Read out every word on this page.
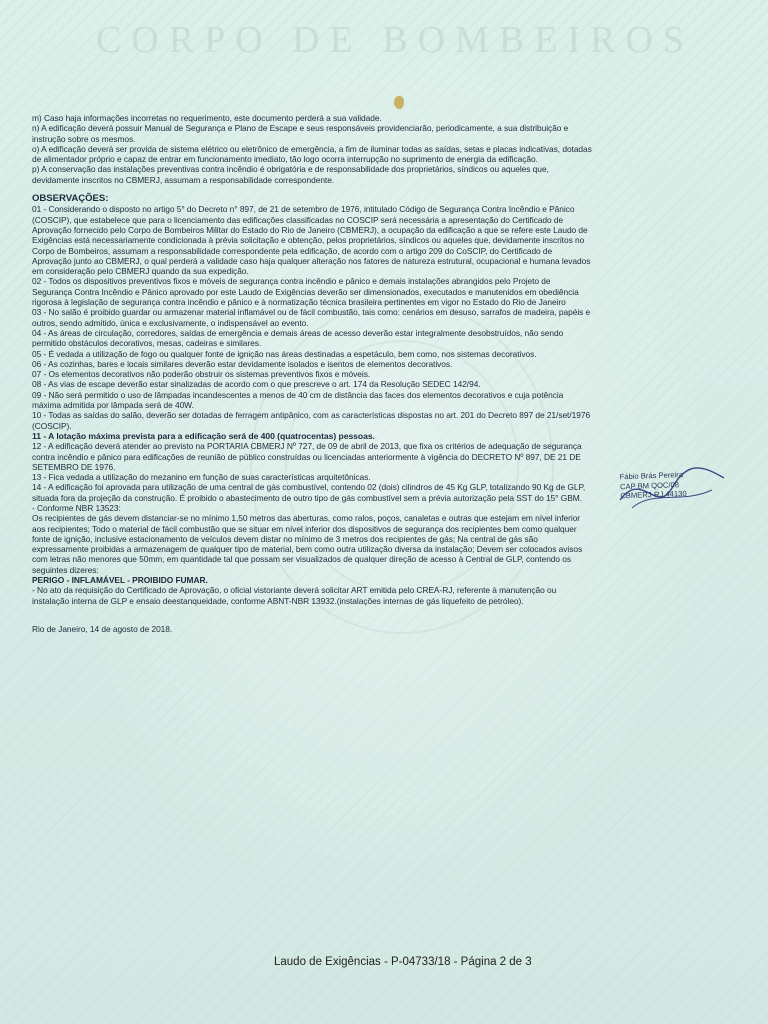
CORPO DE BOMBEIROS

m) Caso haja informações incorretas no requerimento, este documento perderá a sua validade.

n) A edificação deverá possuir Manual de Segurança e Plano de Escape e seus responsáveis providenciarão, periodicamente, a sua distribuição e instrução sobre os mesmos.

o) A edificação deverá ser provida de sistema elétrico ou eletrônico de emergência, a fim de iluminar todas as saídas, setas e placas indicativas, dotadas de alimentador próprio e capaz de entrar em funcionamento imediato, tão logo ocorra interrupção no suprimento de energia da edificação.

p) A conservação das instalações preventivas contra incêndio é obrigatória e de responsabilidade dos proprietários, síndicos ou aqueles que, devidamente inscritos no CBMERJ, assumam a responsabilidade correspondente.

OBSERVAÇÕES:

01 - Considerando o disposto no artigo 5° do Decreto n° 897, de 21 de setembro de 1976, intitulado Código de Segurança Contra Incêndio e Pânico (COSCIP), que estabelece que para o licenciamento das edificações classificadas no COSCIP será necessária a apresentação do Certificado de Aprovação fornecido pelo Corpo de Bombeiros Militar do Estado do Rio de Janeiro (CBMERJ), a ocupação da edificação a que se refere este Laudo de Exigências está necessariamente condicionada à prévia solicitação e obtenção, pelos proprietários, síndicos ou aqueles que, devidamente inscritos no Corpo de Bombeiros, assumam a responsabilidade correspondente pela edificação, de acordo com o artigo 209 do CoSCIP, do Certificado de Aprovação junto ao CBMERJ, o qual perderá a validade caso haja qualquer alteração nos fatores de natureza estrutural, ocupacional e humana levados em consideração pelo CBMERJ quando da sua expedição.

02 - Todos os dispositivos preventivos fixos e móveis de segurança contra incêndio e pânico e demais instalações abrangidos pelo Projeto de Segurança Contra Incêndio e Pânico aprovado por este Laudo de Exigências deverão ser dimensionados, executados e manutenidos em obediência rigorosa à legislação de segurança contra incêndio e pânico e à normatização técnica brasileira pertinentes em vigor no Estado do Rio de Janeiro

03 - No salão é proibido guardar ou armazenar material inflamável ou de fácil combustão, tais como: cenários em desuso, sarrafos de madeira, papéis e outros, sendo admitido, única e exclusivamente, o indispensável ao evento.

04 - As áreas de circulação, corredores, saídas de emergência e demais áreas de acesso deverão estar integralmente desobstruídos, não sendo permitido obstáculos decorativos, mesas, cadeiras e similares.

05 - É vedada a utilização de fogo ou qualquer fonte de ignição nas áreas destinadas a espetáculo, bem como, nos sistemas decorativos.

06 - As cozinhas, bares e locais similares deverão estar devidamente isolados e isentos de elementos decorativos.

07 - Os elementos decorativos não poderão obstruir os sistemas preventivos fixos e móveis.

08 - As vias de escape deverão estar sinalizadas de acordo com o que prescreve o art. 174 da Resolução SEDEC 142/94.

09 - Não será permitido o uso de lâmpadas incandescentes a menos de 40 cm de distância das faces dos elementos decorativos e cuja potência máxima admitida por lâmpada será de 40W.

10 - Todas as saídas do salão, deverão ser dotadas de ferragem antipânico, com as características dispostas no art. 201 do Decreto 897 de 21/set/1976 (COSCIP).

11 - A lotação máxima prevista para a edificação será de 400 (quatrocentas) pessoas.

12 - A edificação deverá atender ao previsto na PORTARIA CBMERJ Nº 727, de 09 de abril de 2013, que fixa os critérios de adequação de segurança contra incêndio e pânico para edificações de reunião de público construídas ou licenciadas anteriormente à vigência do DECRETO Nº 897, DE 21 DE SETEMBRO DE 1976.

13 - Fica vedada a utilização do mezanino em função de suas características arquitetônicas.

14 - A edificação foi aprovada para utilização de uma central de gás combustível, contendo 02 (dois) cilindros de 45 Kg GLP, totalizando 90 Kg de GLP, situada fora da projeção da construção. É proibido o abastecimento de outro tipo de gás combustível sem a prévia autorização pela SST do 15° GBM.

- Conforme NBR 13523:

Os recipientes de gás devem distanciar-se no mínimo 1,50 metros das aberturas, como ralos, poços, canaletas e outras que estejam em nível inferior aos recipientes; Todo o material de fácil combustão que se situar em nível inferior dos dispositivos de segurança dos recipientes bem como qualquer fonte de ignição, inclusive estacionamento de veículos devem distar no mínimo de 3 metros dos recipientes de gás; Na central de gás são expressamente proibidas a armazenagem de qualquer tipo de material, bem como outra utilização diversa da instalação; Devem ser colocados avisos com letras não menores que 50mm, em quantidade tal que possam ser visualizados de qualquer direção de acesso à Central de GLP, contendo os seguintes dizeres:

PERIGO - INFLAMÁVEL - PROIBIDO FUMAR.

- No ato da requisição do Certificado de Aprovação, o oficial vistoriante deverá solicitar ART emitida pelo CREA-RJ, referente à manutenção ou instalação interna de GLP e ensaio deestanqueidade, conforme ABNT-NBR 13932.(instalações internas de gás liquefeito de petróleo).

Rio de Janeiro, 14 de agosto de 2018.

Fábio Brás Pereira
CAP BM QOC/08
CBMERJ-RJ 44130
Laudo de Exigências - P-04733/18 - Página 2 de 3
